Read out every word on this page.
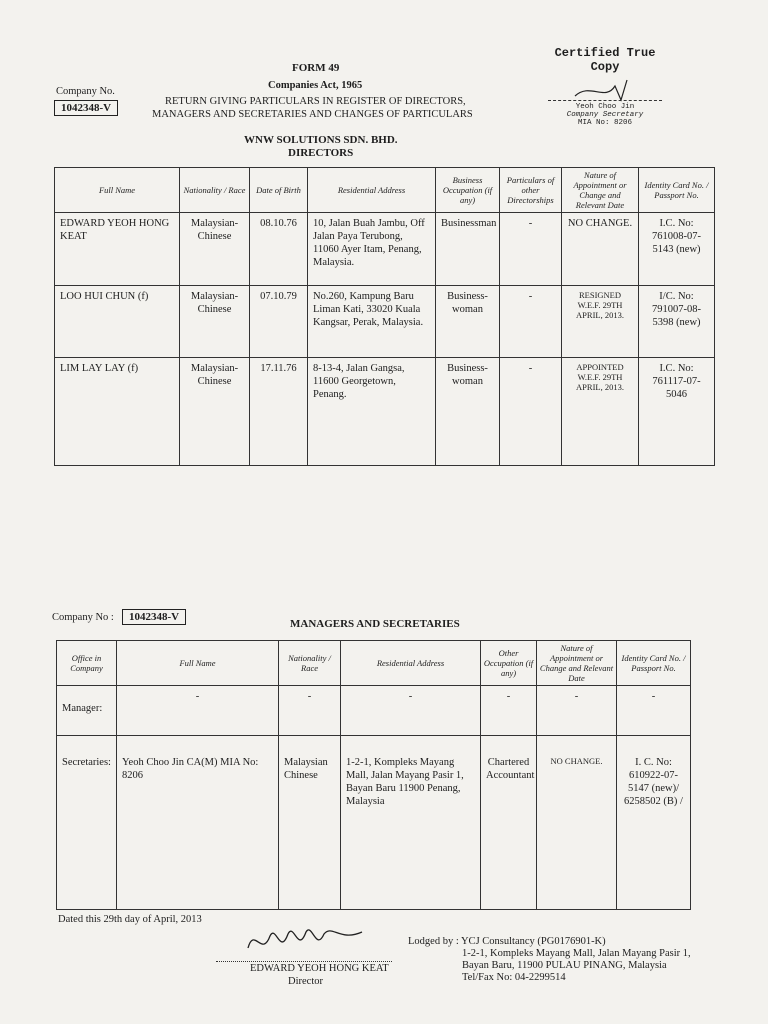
FORM 49
Companies Act, 1965
Company No.
1042348-V
RETURN GIVING PARTICULARS IN REGISTER OF DIRECTORS,
MANAGERS AND SECRETARIES AND CHANGES OF PARTICULARS
WNW SOLUTIONS SDN. BHD.
DIRECTORS
Certified True Copy
Yeoh Choo Jin
Company Secretary
MIA No: 8206
Full Name	Nationality / Race	Date of Birth	Residential Address	Business Occupation (if any)	Particulars of other Directorships	Nature of Appointment or Change and Relevant Date	Identity Card No. / Passport No.
EDWARD YEOH HONG KEAT	Malaysian-Chinese	08.10.76	10, Jalan Buah Jambu, Off Jalan Paya Terubong, 11060 Ayer Itam, Penang, Malaysia.	Businessman	-	NO CHANGE.	I.C. No: 761008-07-5143 (new)
LOO HUI CHUN (f)	Malaysian-Chinese	07.10.79	No.260, Kampung Baru Liman Kati, 33020 Kuala Kangsar, Perak, Malaysia.	Business-woman	-	RESIGNED W.E.F. 29TH APRIL, 2013.	I/C. No: 791007-08-5398 (new)
LIM LAY LAY (f)	Malaysian-Chinese	17.11.76	8-13-4, Jalan Gangsa, 11600 Georgetown, Penang.	Business-woman	-	APPOINTED W.E.F. 29TH APRIL, 2013.	I.C. No: 761117-07-5046
Company No :	1042348-V
MANAGERS AND SECRETARIES
Office in Company	Full Name	Nationality / Race	Residential Address	Other Occupation (if any)	Nature of Appointment or Change and Relevant Date	Identity Card No. / Passport No.
Manager:	-	-	-	-	-	-
Secretaries:	Yeoh Choo Jin CA(M) MIA No: 8206	Malaysian Chinese	1-2-1, Kompleks Mayang Mall, Jalan Mayang Pasir 1, Bayan Baru 11900 Penang, Malaysia	Chartered Accountant	NO CHANGE.	I. C. No: 610922-07-5147 (new)/ 6258502 (B) /
Dated this 29th day of April, 2013
EDWARD YEOH HONG KEAT
Director
Lodged by : YCJ Consultancy (PG0176901-K)
1-2-1, Kompleks Mayang Mall, Jalan Mayang Pasir 1,
Bayan Baru, 11900 PULAU PINANG, Malaysia
Tel/Fax No: 04-2299514
